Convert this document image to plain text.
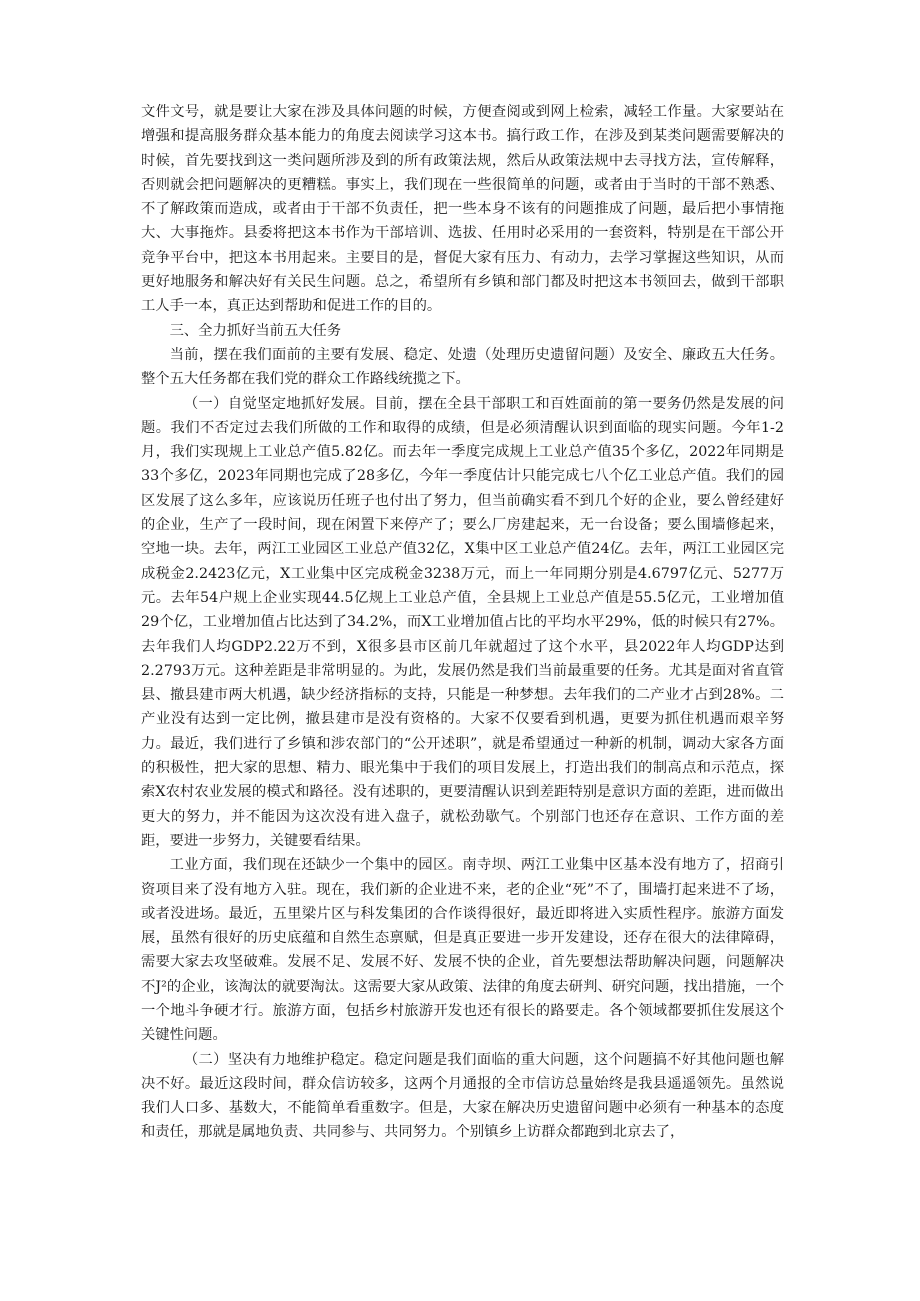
文件文号，就是要让大家在涉及具体问题的时候，方便查阅或到网上检索，减轻工作量。大家要站在增强和提高服务群众基本能力的角度去阅读学习这本书。搞行政工作，在涉及到某类问题需要解决的时候，首先要找到这一类问题所涉及到的所有政策法规，然后从政策法规中去寻找方法，宣传解释，否则就会把问题解决的更糟糕。事实上，我们现在一些很简单的问题，或者由于当时的干部不熟悉、不了解政策而造成，或者由于干部不负责任，把一些本身不该有的问题推成了问题，最后把小事情拖大、大事拖炸。县委将把这本书作为干部培训、选拔、任用时必采用的一套资料，特别是在干部公开竞争平台中，把这本书用起来。主要目的是，督促大家有压力、有动力，去学习掌握这些知识，从而更好地服务和解决好有关民生问题。总之，希望所有乡镇和部门都及时把这本书领回去，做到干部职工人手一本，真正达到帮助和促进工作的目的。

三、全力抓好当前五大任务

当前，摆在我们面前的主要有发展、稳定、处遗（处理历史遗留问题）及安全、廉政五大任务。整个五大任务都在我们党的群众工作路线统揽之下。

（一）自觉坚定地抓好发展。目前，摆在全县干部职工和百姓面前的第一要务仍然是发展的问题。我们不否定过去我们所做的工作和取得的成绩，但是必须清醒认识到面临的现实问题。今年1-2月，我们实现规上工业总产值5.82亿。而去年一季度完成规上工业总产值35个多亿，2022年同期是33个多亿，2023年同期也完成了28多亿，今年一季度估计只能完成七八个亿工业总产值。我们的园区发展了这么多年，应该说历任班子也付出了努力，但当前确实看不到几个好的企业，要么曾经建好的企业，生产了一段时间，现在闲置下来停产了；要么厂房建起来，无一台设备；要么围墙修起来，空地一块。去年，两江工业园区工业总产值32亿，X集中区工业总产值24亿。去年，两江工业园区完成税金2.2423亿元，X工业集中区完成税金3238万元，而上一年同期分别是4.6797亿元、5277万元。去年54户规上企业实现44.5亿规上工业总产值，全县规上工业总产值是55.5亿元，工业增加值29个亿，工业增加值占比达到了34.2%，而X工业增加值占比的平均水平29%，低的时候只有27%。去年我们人均GDP2.22万不到，X很多县市区前几年就超过了这个水平，县2022年人均GDP达到2.2793万元。这种差距是非常明显的。为此，发展仍然是我们当前最重要的任务。尤其是面对省直管县、撤县建市两大机遇，缺少经济指标的支持，只能是一种梦想。去年我们的二产业才占到28%。二产业没有达到一定比例，撤县建市是没有资格的。大家不仅要看到机遇，更要为抓住机遇而艰辛努力。最近，我们进行了乡镇和涉农部门的“公开述职”，就是希望通过一种新的机制，调动大家各方面的积极性，把大家的思想、精力、眼光集中于我们的项目发展上，打造出我们的制高点和示范点，探索X农村农业发展的模式和路径。没有述职的，更要清醒认识到差距特别是意识方面的差距，进而做出更大的努力，并不能因为这次没有进入盘子，就松劲歇气。个别部门也还存在意识、工作方面的差距，要进一步努力，关键要看结果。

工业方面，我们现在还缺少一个集中的园区。南寺坝、两江工业集中区基本没有地方了，招商引资项目来了没有地方入驻。现在，我们新的企业进不来，老的企业“死”不了，围墙打起来进不了场，或者没进场。最近，五里梁片区与科发集团的合作谈得很好，最近即将进入实质性程序。旅游方面发展，虽然有很好的历史底蕴和自然生态禀赋，但是真正要进一步开发建设，还存在很大的法律障碍，需要大家去攻坚破难。发展不足、发展不好、发展不快的企业，首先要想法帮助解决问题，问题解决不J²的企业，该淘汰的就要淘汰。这需要大家从政策、法律的角度去研判、研究问题，找出措施，一个一个地斗争硬才行。旅游方面，包括乡村旅游开发也还有很长的路要走。各个领域都要抓住发展这个关键性问题。

（二）坚决有力地维护稳定。稳定问题是我们面临的重大问题，这个问题搞不好其他问题也解决不好。最近这段时间，群众信访较多，这两个月通报的全市信访总量始终是我县遥遥领先。虽然说我们人口多、基数大，不能简单看重数字。但是，大家在解决历史遗留问题中必须有一种基本的态度和责任，那就是属地负责、共同参与、共同努力。个别镇乡上访群众都跑到北京去了，
